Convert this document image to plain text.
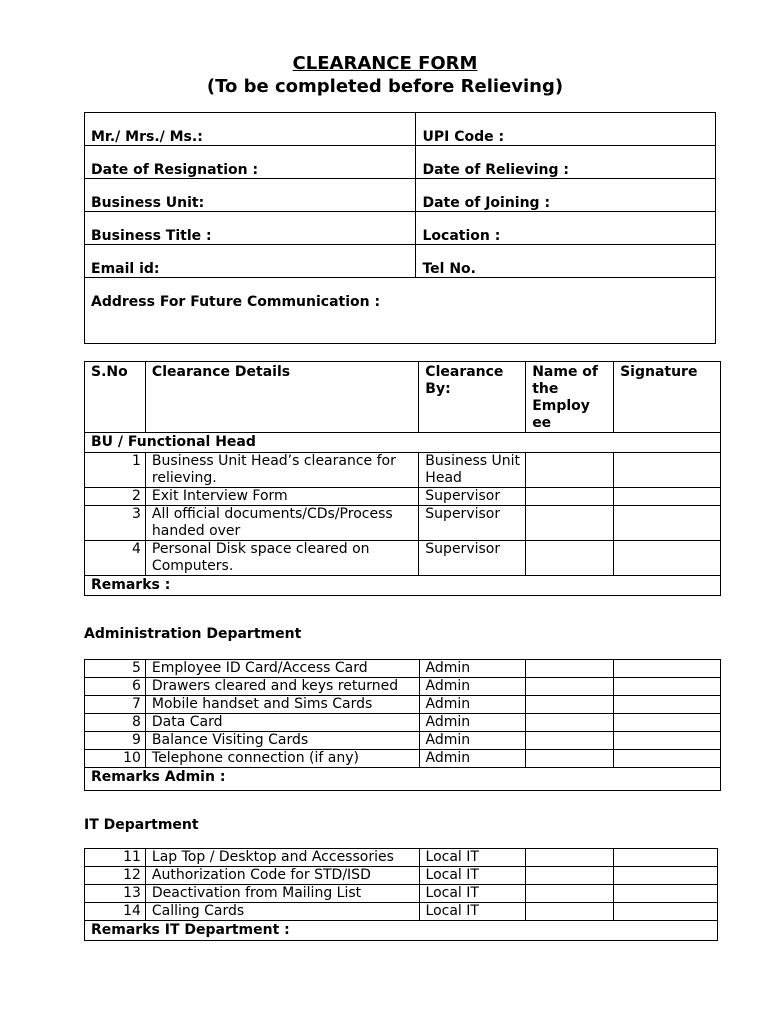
CLEARANCE FORM
(To be completed before Relieving)
Mr./ Mrs./ Ms.:	UPI Code :
Date of Resignation :	Date of Relieving :
Business Unit:	Date of Joining :
Business Title :	Location :
Email id:	Tel No.
Address For Future Communication :	
S.No	Clearance Details	Clearance By:	Name of the Employ ee	Signature
BU / Functional Head				
1	Business Unit Head’s clearance for relieving.	Business Unit Head		
2	Exit Interview Form	Supervisor		
3	All official documents/CDs/Process handed over	Supervisor		
4	Personal Disk space cleared on Computers.	Supervisor		
Remarks :				
Administration Department
5	Employee ID Card/Access Card	Admin		
6	Drawers cleared and keys returned	Admin		
7	Mobile handset and Sims Cards	Admin		
8	Data Card	Admin		
9	Balance Visiting Cards	Admin		
10	Telephone connection (if any)	Admin		
Remarks Admin :				
IT Department
11	Lap Top / Desktop and Accessories	Local IT		
12	Authorization Code for STD/ISD	Local IT		
13	Deactivation from Mailing List	Local IT		
14	Calling Cards	Local IT		
Remarks IT Department :				
